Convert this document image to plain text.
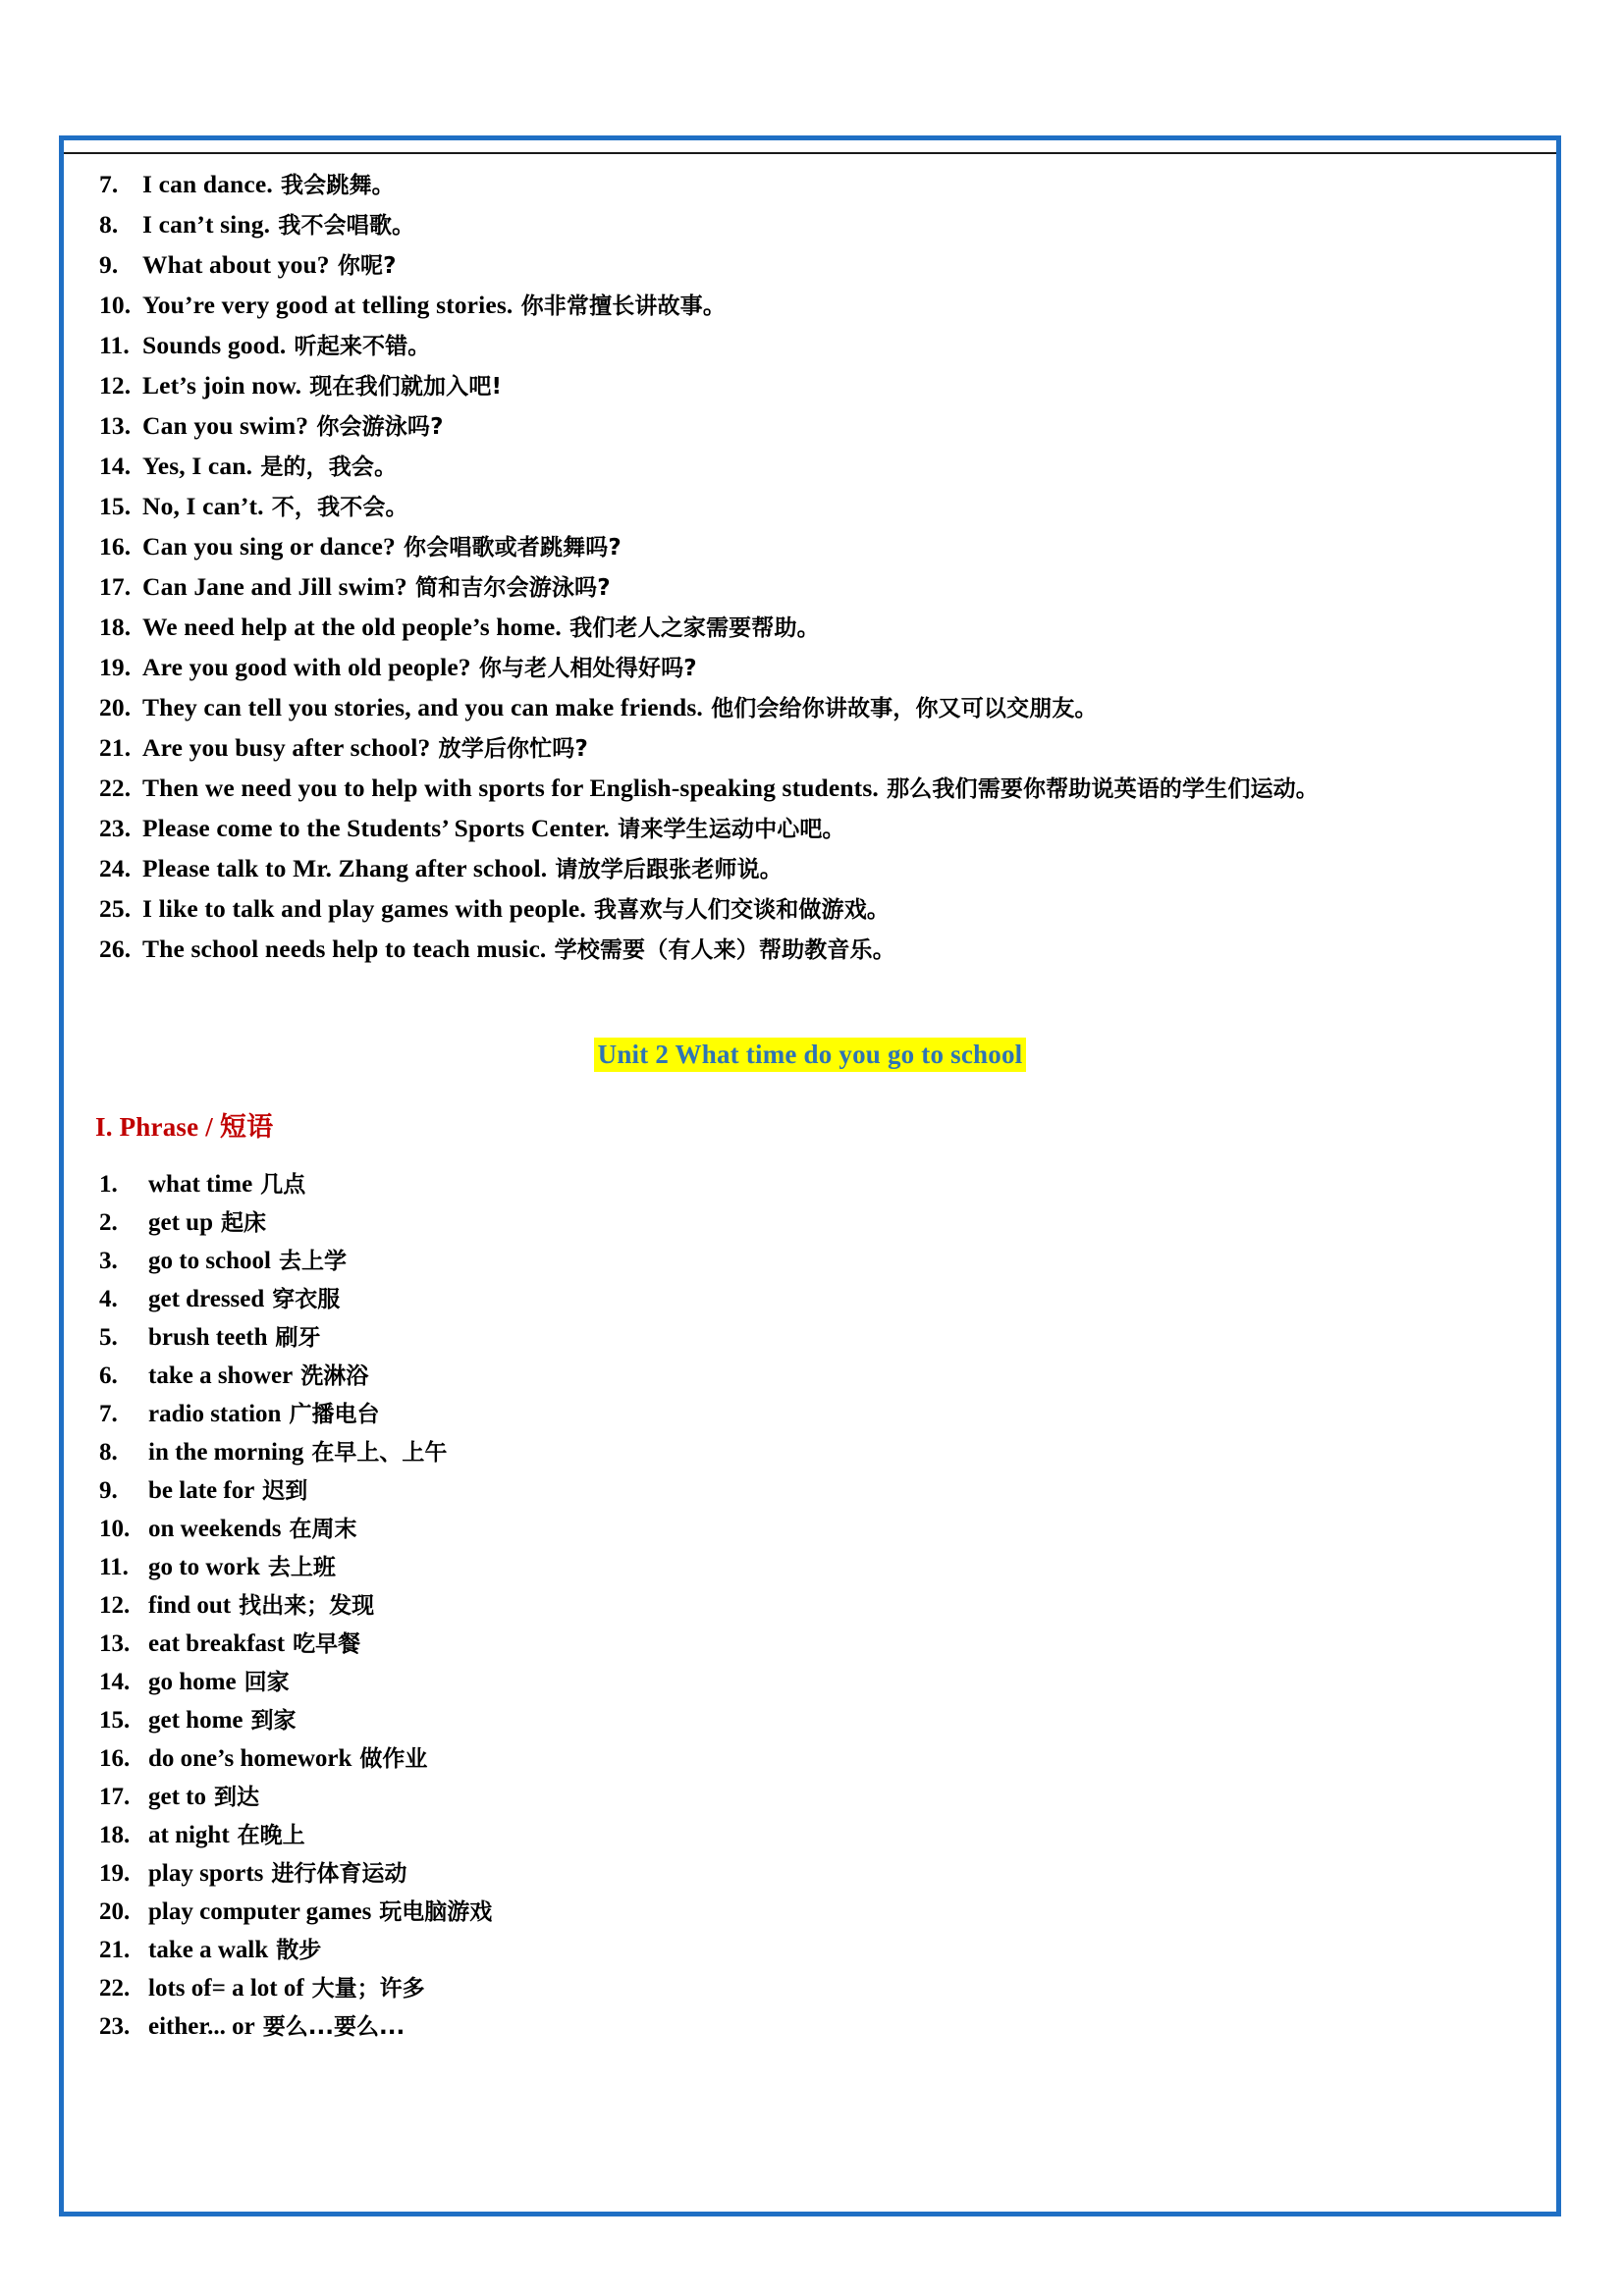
7. I can dance. 我会跳舞。
8. I can’t sing. 我不会唱歌。
9. What about you? 你呢?
10. You’re very good at telling stories. 你非常擅长讲故事。
11. Sounds good. 听起来不错。
12. Let’s join now. 现在我们就加入吧!
13. Can you swim? 你会游泳吗?
14. Yes, I can. 是的，我会。
15. No, I can’t. 不，我不会。
16. Can you sing or dance? 你会唱歌或者跳舞吗?
17. Can Jane and Jill swim? 简和吉尔会游泳吗?
18. We need help at the old people’s home. 我们老人之家需要帮助。
19. Are you good with old people? 你与老人相处得好吗?
20. They can tell you stories, and you can make friends. 他们会给你讲故事，你又可以交朋友。
21. Are you busy after school? 放学后你忙吗?
22. Then we need you to help with sports for English-speaking students. 那么我们需要你帮助说英语的学生们运动。
23. Please come to the Students’ Sports Center. 请来学生运动中心吧。
24. Please talk to Mr. Zhang after school. 请放学后跟张老师说。
25. I like to talk and play games with people. 我喜欢与人们交谈和做游戏。
26. The school needs help to teach music. 学校需要（有人来）帮助教音乐。
Unit 2 What time do you go to school
I. Phrase / 短语
1.	what time 几点
2.	get up 起床
3.	go to school 去上学
4.	get dressed 穿衣服
5.	brush teeth 刷牙
6.	take a shower 洗淋浴
7.	radio station 广播电台
8.	in the morning 在早上、上午
9.	be late for 迟到
10. on weekends 在周末
11. go to work 去上班
12. find out 找出来；发现
13. eat breakfast 吃早餐
14. go home 回家
15. get home 到家
16. do one’s homework 做作业
17. get to 到达
18. at night 在晚上
19. play sports 进行体育运动
20. play computer games 玩电脑游戏
21. take a walk 散步
22. lots of= a lot of 大量；许多
23. either... or 要么...要么...
